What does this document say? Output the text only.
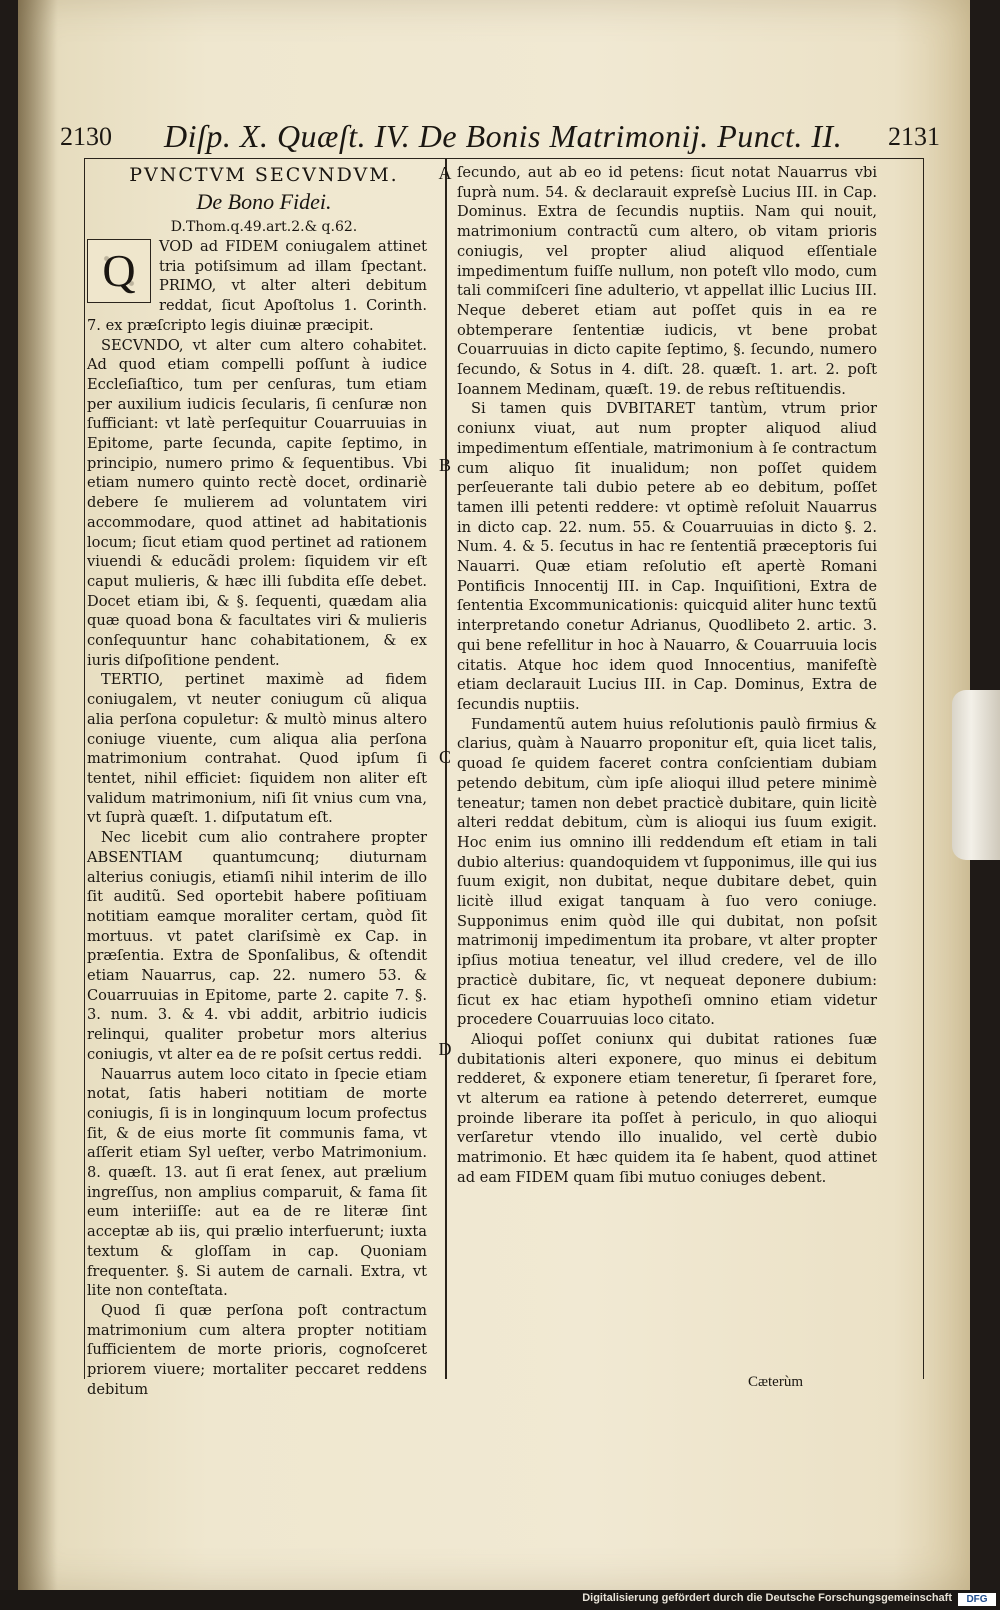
2130 Diſp. X. Quæſt. IV. De Bonis Matrimonij. Punct. II. 2131

PVNCTVM SECVNDVM.

De Bono Fidei.

D.Thom.q.49.art.2.& q.62.

Q	VOD ad FIDEM coniugalem attinet tria potiſsimum ad illam ſpectant. PRIMO, vt alter alteri debitum reddat, ſicut Apoſtolus 1. Corinth. 7. ex præſcripto legis diuinæ præcipit.

SECVNDO, vt alter cum altero cohabitet. Ad quod etiam compelli poſſunt à iudice Eccleſiaſtico, tum per cenſuras, tum etiam per auxilium iudicis ſecularis, ſi cenſuræ non ſufficiant: vt latè perſequitur Couarruuias in Epitome, parte ſecunda, capite ſeptimo, in principio, numero primo & ſequentibus. Vbi etiam numero quinto rectè docet, ordinariè debere ſe mulierem ad voluntatem viri accommodare, quod attinet ad habitationis locum; ſicut etiam quod pertinet ad rationem viuendi & educãdi prolem: ſiquidem vir eſt caput mulieris, & hæc illi ſubdita eſſe debet. Docet etiam ibi, & §. ſequenti, quædam alia quæ quoad bona & facultates viri & mulieris conſequuntur hanc cohabitationem, & ex iuris diſpoſitione pendent.

TERTIO, pertinet maximè ad fidem coniugalem, vt neuter coniugum cũ aliqua alia perſona copuletur: & multò minus altero coniuge viuente, cum aliqua alia perſona matrimonium contrahat. Quod ipſum ſi tentet, nihil efficiet: ſiquidem non aliter eſt validum matrimonium, niſi ſit vnius cum vna, vt ſuprà quæſt. 1. diſputatum eſt.

Nec licebit cum alio contrahere propter ABSENTIAM quantumcunq; diuturnam alterius coniugis, etiamſi nihil interim de illo ſit auditũ. Sed oportebit habere poſitiuam notitiam eamque moraliter certam, quòd ſit mortuus. vt patet clariſsimè ex Cap. in præſentia. Extra de Sponſalibus, & oſtendit etiam Nauarrus, cap. 22. numero 53. & Couarruuias in Epitome, parte 2. capite 7. §. 3. num. 3. & 4. vbi addit, arbitrio iudicis relinqui, qualiter probetur mors alterius coniugis, vt alter ea de re poſsit certus reddi.

Nauarrus autem loco citato in ſpecie etiam notat, ſatis haberi notitiam de morte coniugis, ſi is in longinquum locum profectus ſit, & de eius morte ſit communis fama, vt aſſerit etiam Syl ueſter, verbo Matrimonium. 8. quæſt. 13. aut ſi erat ſenex, aut prælium ingreſſus, non amplius comparuit, & fama ſit eum interiiſſe: aut ea de re literæ ſint acceptæ ab iis, qui prælio interfuerunt; iuxta textum & gloſſam in cap. Quoniam frequenter. §. Si autem de carnali. Extra, vt lite non conteſtata.

Quod ſi quæ perſona poſt contractum matrimonium cum altera propter notitiam ſufficientem de morte prioris, cognoſceret priorem viuere; mortaliter peccaret reddens debitum

A
B
C
D

ſecundo, aut ab eo id petens: ſicut notat Nauarrus vbi ſuprà num. 54. & declarauit expreſsè Lucius III. in Cap. Dominus. Extra de ſecundis nuptiis. Nam qui nouit, matrimonium contractũ cum altero, ob vitam prioris coniugis, vel propter aliud aliquod eſſentiale impedimentum fuiſſe nullum, non poteſt vllo modo, cum tali commiſceri ſine adulterio, vt appellat illic Lucius III. Neque deberet etiam aut poſſet quis in ea re obtemperare ſententiæ iudicis, vt bene probat Couarruuias in dicto capite ſeptimo, §. ſecundo, numero ſecundo, & Sotus in 4. diſt. 28. quæſt. 1. art. 2. poſt Ioannem Medinam, quæſt. 19. de rebus reſtituendis.

Si tamen quis DVBITARET tantùm, vtrum prior coniunx viuat, aut num propter aliquod aliud impedimentum eſſentiale, matrimonium à ſe contractum cum aliquo ſit inualidum; non poſſet quidem perſeuerante tali dubio petere ab eo debitum, poſſet tamen illi petenti reddere: vt optimè reſoluit Nauarrus in dicto cap. 22. num. 55. & Couarruuias in dicto §. 2. Num. 4. & 5. ſecutus in hac re ſententiã præceptoris ſui Nauarri. Quæ etiam reſolutio eſt apertè Romani Pontificis Innocentij III. in Cap. Inquiſitioni, Extra de ſententia Excommunicationis: quicquid aliter hunc textũ interpretando conetur Adrianus, Quodlibeto 2. artic. 3. qui bene refellitur in hoc à Nauarro, & Couarruuia locis citatis. Atque hoc idem quod Innocentius, manifeſtè etiam declarauit Lucius III. in Cap. Dominus, Extra de ſecundis nuptiis.

Fundamentũ autem huius reſolutionis paulò firmius & clarius, quàm à Nauarro proponitur eſt, quia licet talis, quoad ſe quidem faceret contra conſcientiam dubiam petendo debitum, cùm ipſe alioqui illud petere minimè teneatur; tamen non debet practicè dubitare, quin licitè alteri reddat debitum, cùm is alioqui ius ſuum exigit. Hoc enim ius omnino illi reddendum eſt etiam in tali dubio alterius: quandoquidem vt ſupponimus, ille qui ius ſuum exigit, non dubitat, neque dubitare debet, quin licitè illud exigat tanquam à ſuo vero coniuge. Supponimus enim quòd ille qui dubitat, non poſsit matrimonij impedimentum ita probare, vt alter propter ipſius motiua teneatur, vel illud credere, vel de illo practicè dubitare, ſic, vt nequeat deponere dubium: ſicut ex hac etiam hypotheſi omnino etiam videtur procedere Couarruuias loco citato.

Alioqui poſſet coniunx qui dubitat rationes ſuæ dubitationis alteri exponere, quo minus ei debitum redderet, & exponere etiam teneretur, ſi ſperaret fore, vt alterum ea ratione à petendo deterreret, eumque proinde liberare ita poſſet à periculo, in quo alioqui verſaretur vtendo illo inualido, vel certè dubio matrimonio. Et hæc quidem ita ſe habent, quod attinet ad eam FIDEM quam ſibi mutuo coniuges debent.

Cæterùm
Digitalisierung gefördert durch die Deutsche Forschungsgemeinschaft	DFG
